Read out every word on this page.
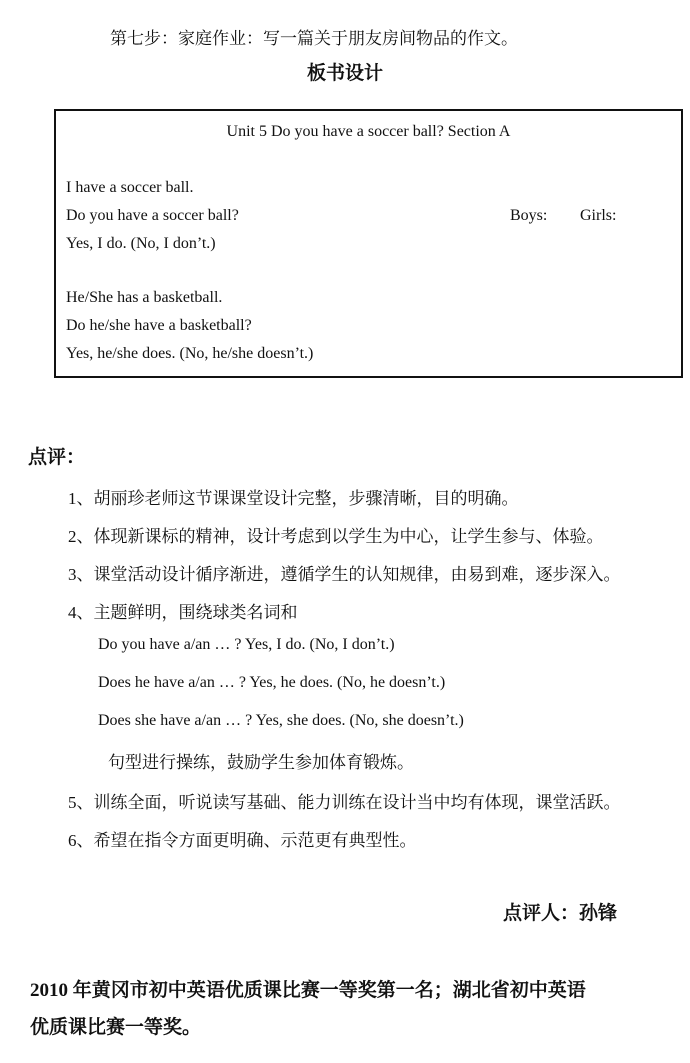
第七步：家庭作业：写一篇关于朋友房间物品的作文。
板书设计
Unit 5 Do you have a soccer ball? Section A
I have a soccer ball.
Do you have a soccer ball?
Yes, I do. (No, I don’t.)
He/She has a basketball.
Do he/she have a basketball?
Yes, he/she does. (No, he/she doesn’t.)
Boys: Girls:
点评：
1、胡丽珍老师这节课课堂设计完整，步骤清晰，目的明确。
2、体现新课标的精神，设计考虑到以学生为中心，让学生参与、体验。
3、课堂活动设计循序渐进，遵循学生的认知规律，由易到难，逐步深入。
4、主题鲜明，围绕球类名词和
Do you have a/an … ? Yes, I do. (No, I don’t.)
Does he have a/an … ? Yes, he does. (No, he doesn’t.)
Does she have a/an … ? Yes, she does. (No, she doesn’t.)
句型进行操练，鼓励学生参加体育锻炼。
5、训练全面，听说读写基础、能力训练在设计当中均有体现，课堂活跃。
6、希望在指令方面更明确、示范更有典型性。
点评人：孙锋
2010 年黄冈市初中英语优质课比赛一等奖第一名；湖北省初中英语
优质课比赛一等奖。
